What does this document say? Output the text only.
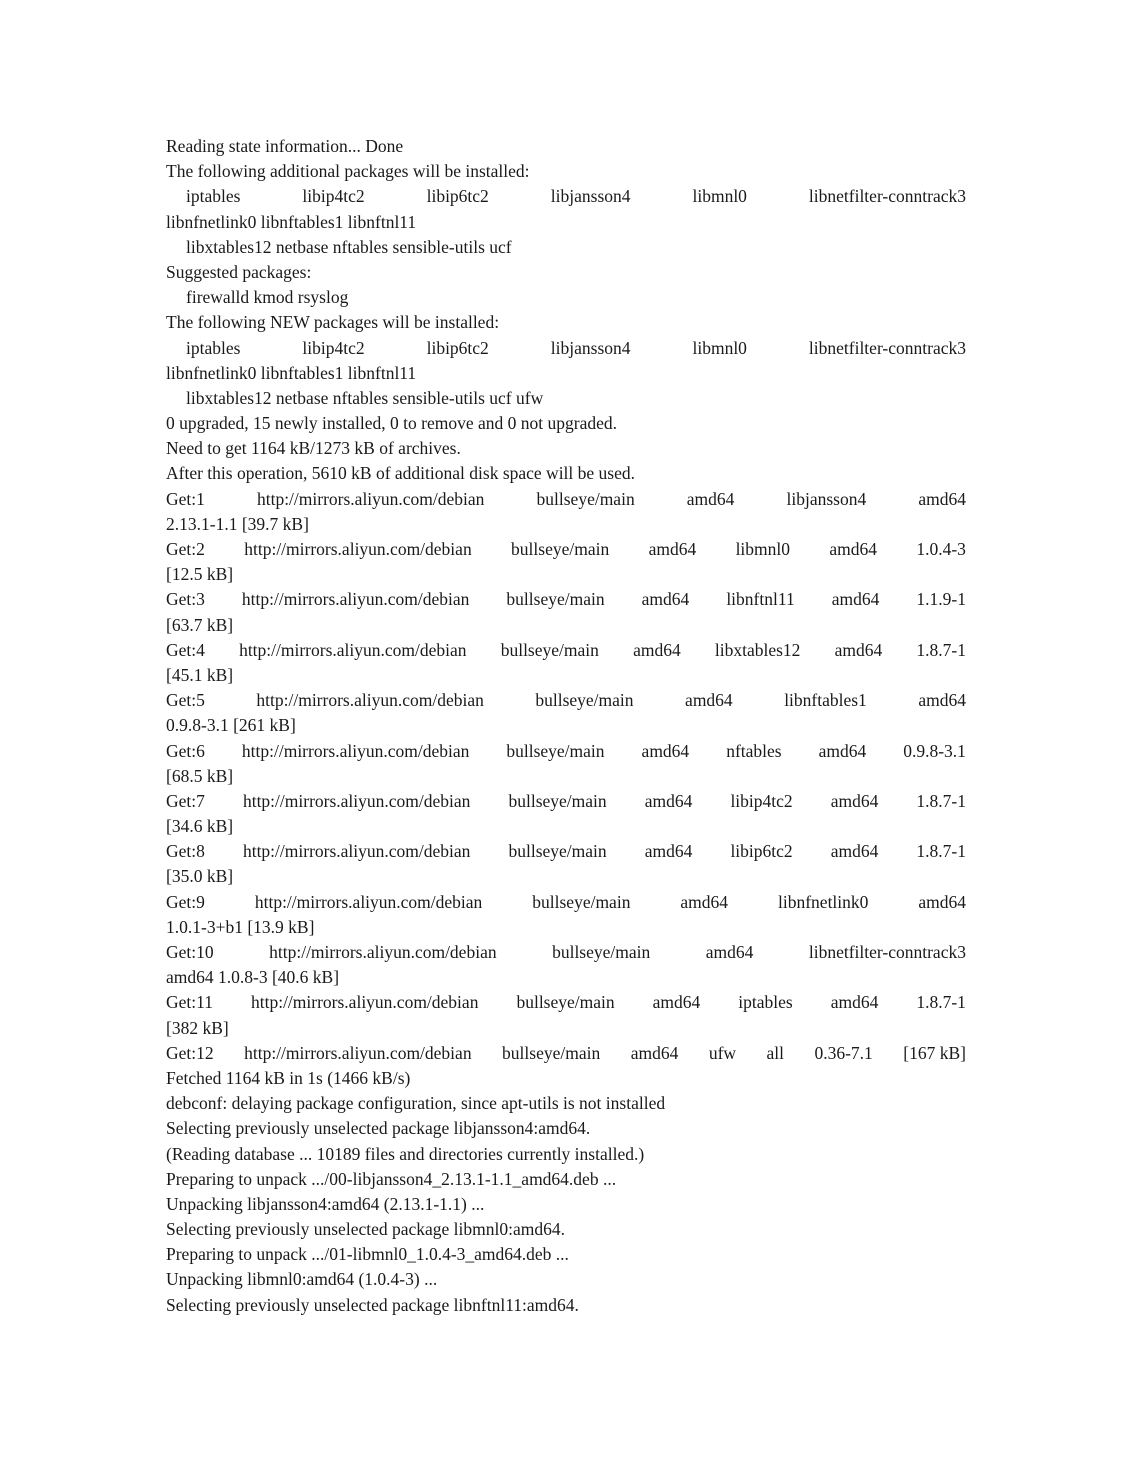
Reading state information... Done
The following additional packages will be installed:
iptables	libip4tc2	libip6tc2	libjansson4	libmnl0	libnetfilter-conntrack3
libnfnetlink0 libnftables1 libnftnl11
libxtables12 netbase nftables sensible-utils ucf
Suggested packages:
firewalld kmod rsyslog
The following NEW packages will be installed:
iptables	libip4tc2	libip6tc2	libjansson4	libmnl0	libnetfilter-conntrack3
libnfnetlink0 libnftables1 libnftnl11
libxtables12 netbase nftables sensible-utils ucf ufw
0 upgraded, 15 newly installed, 0 to remove and 0 not upgraded.
Need to get 1164 kB/1273 kB of archives.
After this operation, 5610 kB of additional disk space will be used.
Get:1	http://mirrors.aliyun.com/debian	bullseye/main	amd64	libjansson4	amd64
2.13.1-1.1 [39.7 kB]
Get:2 http://mirrors.aliyun.com/debian bullseye/main amd64 libmnl0 amd64 1.0.4-3
[12.5 kB]
Get:3 http://mirrors.aliyun.com/debian bullseye/main amd64 libnftnl11 amd64 1.1.9-1
[63.7 kB]
Get:4 http://mirrors.aliyun.com/debian bullseye/main amd64 libxtables12 amd64 1.8.7-1
[45.1 kB]
Get:5	http://mirrors.aliyun.com/debian	bullseye/main	amd64	libnftables1	amd64
0.9.8-3.1 [261 kB]
Get:6 http://mirrors.aliyun.com/debian bullseye/main amd64 nftables amd64 0.9.8-3.1
[68.5 kB]
Get:7 http://mirrors.aliyun.com/debian bullseye/main amd64 libip4tc2 amd64 1.8.7-1
[34.6 kB]
Get:8 http://mirrors.aliyun.com/debian bullseye/main amd64 libip6tc2 amd64 1.8.7-1
[35.0 kB]
Get:9	http://mirrors.aliyun.com/debian	bullseye/main	amd64	libnfnetlink0	amd64
1.0.1-3+b1 [13.9 kB]
Get:10	http://mirrors.aliyun.com/debian	bullseye/main	amd64	libnetfilter-conntrack3
amd64 1.0.8-3 [40.6 kB]
Get:11 http://mirrors.aliyun.com/debian bullseye/main amd64 iptables amd64 1.8.7-1
[382 kB]
Get:12 http://mirrors.aliyun.com/debian bullseye/main amd64 ufw all 0.36-7.1 [167 kB]
Fetched 1164 kB in 1s (1466 kB/s)
debconf: delaying package configuration, since apt-utils is not installed
Selecting previously unselected package libjansson4:amd64.
(Reading database ... 10189 files and directories currently installed.)
Preparing to unpack .../00-libjansson4_2.13.1-1.1_amd64.deb ...
Unpacking libjansson4:amd64 (2.13.1-1.1) ...
Selecting previously unselected package libmnl0:amd64.
Preparing to unpack .../01-libmnl0_1.0.4-3_amd64.deb ...
Unpacking libmnl0:amd64 (1.0.4-3) ...
Selecting previously unselected package libnftnl11:amd64.
